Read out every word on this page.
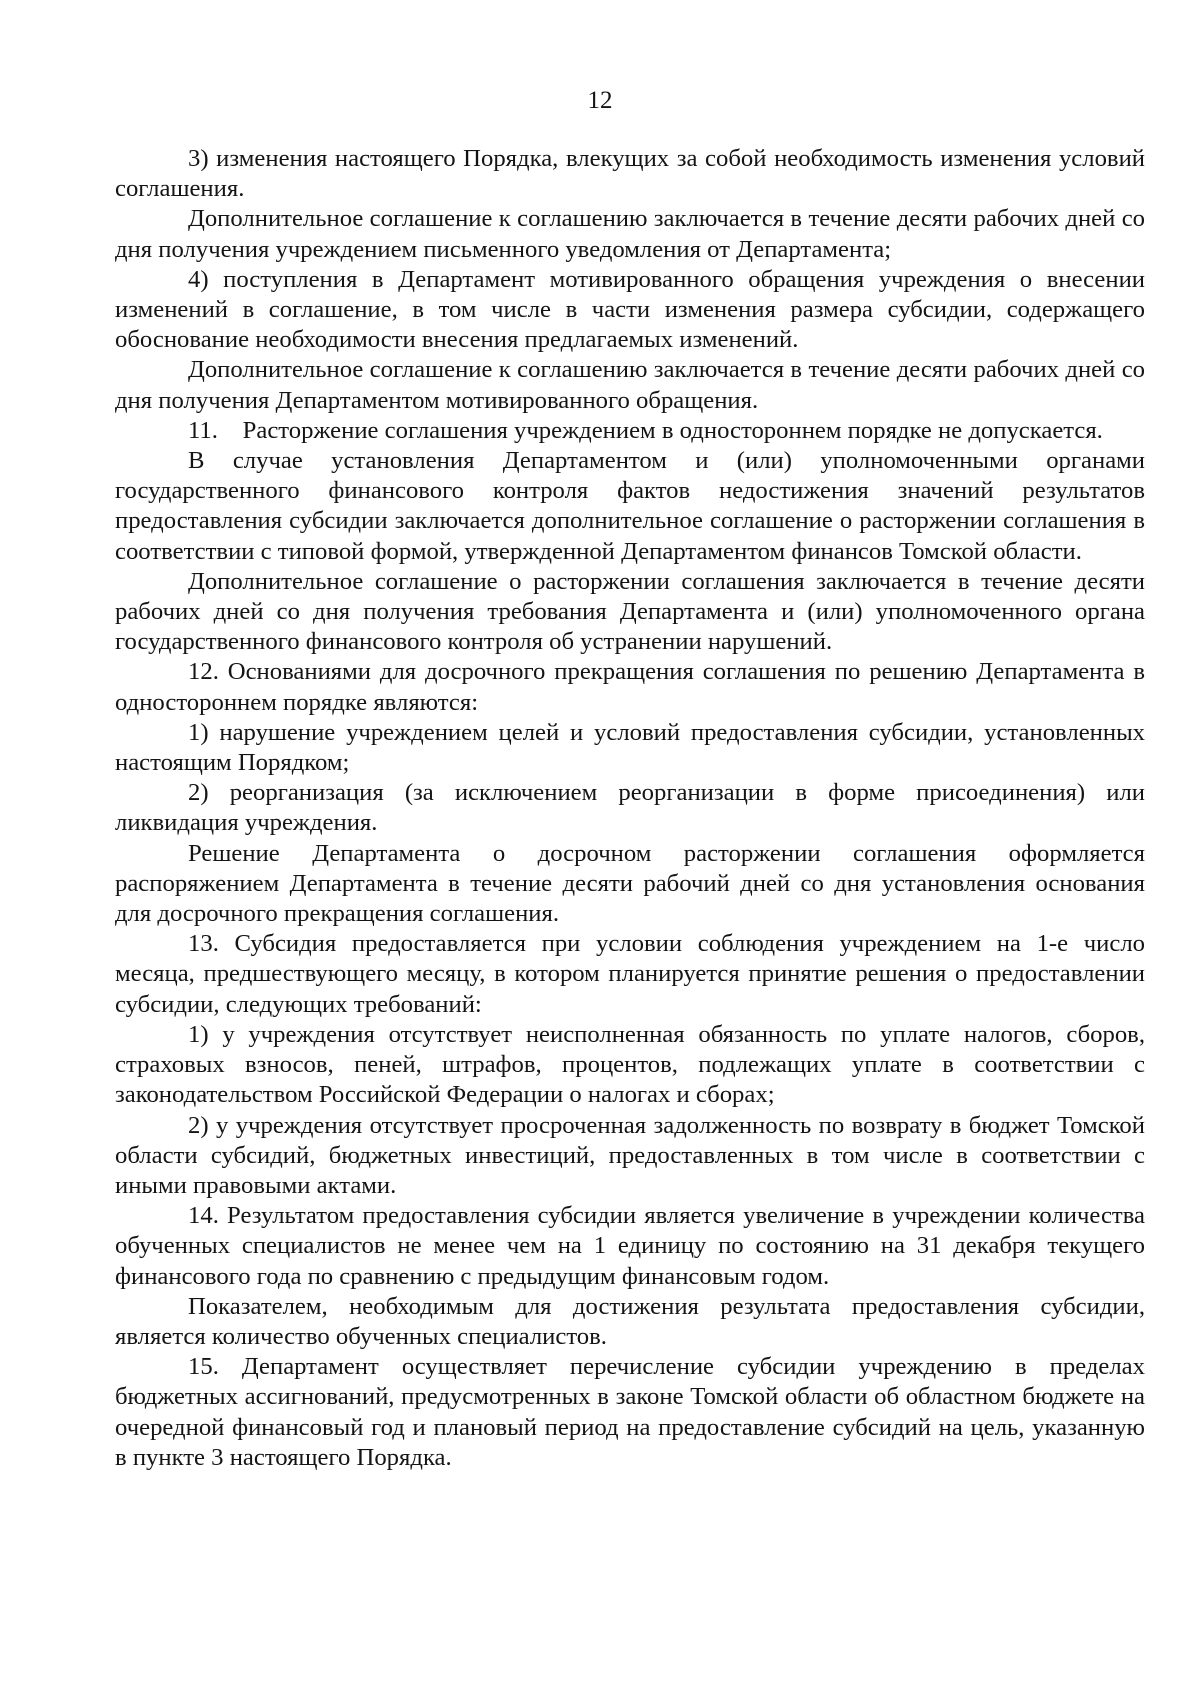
12

3) изменения настоящего Порядка, влекущих за собой необходимость изменения условий соглашения.

Дополнительное соглашение к соглашению заключается в течение десяти рабочих дней со дня получения учреждением письменного уведомления от Департамента;

4) поступления в Департамент мотивированного обращения учреждения о внесении изменений в соглашение, в том числе в части изменения размера субсидии, содержащего обоснование необходимости внесения предлагаемых изменений.

Дополнительное соглашение к соглашению заключается в течение десяти рабочих дней со дня получения Департаментом мотивированного обращения.

11.    Расторжение соглашения учреждением в одностороннем порядке не допускается.

В случае установления Департаментом и (или) уполномоченными органами государственного финансового контроля фактов недостижения значений результатов предоставления субсидии заключается дополнительное соглашение о расторжении соглашения в соответствии с типовой формой, утвержденной Департаментом финансов Томской области.

Дополнительное соглашение о расторжении соглашения заключается в течение десяти рабочих дней со дня получения требования Департамента и (или) уполномоченного органа государственного финансового контроля об устранении нарушений.

12. Основаниями для досрочного прекращения соглашения по решению Департамента в одностороннем порядке являются:

1) нарушение учреждением целей и условий предоставления субсидии, установленных настоящим Порядком;

2) реорганизация (за исключением реорганизации в форме присоединения) или ликвидация учреждения.

Решение Департамента о досрочном расторжении соглашения оформляется распоряжением Департамента в течение десяти рабочий дней со дня установления основания для досрочного прекращения соглашения.

13. Субсидия предоставляется при условии соблюдения учреждением на 1-е число месяца, предшествующего месяцу, в котором планируется принятие решения о предоставлении субсидии, следующих требований:

1) у учреждения отсутствует неисполненная обязанность по уплате налогов, сборов, страховых взносов, пеней, штрафов, процентов, подлежащих уплате в соответствии с законодательством Российской Федерации о налогах и сборах;

2) у учреждения отсутствует просроченная задолженность по возврату в бюджет Томской области субсидий, бюджетных инвестиций, предоставленных в том числе в соответствии с иными правовыми актами.

14. Результатом предоставления субсидии является увеличение в учреждении количества обученных специалистов не менее чем на 1 единицу по состоянию на 31 декабря текущего финансового года по сравнению с предыдущим финансовым годом.

Показателем, необходимым для достижения результата предоставления субсидии, является количество обученных специалистов.

15. Департамент осуществляет перечисление субсидии учреждению в пределах бюджетных ассигнований, предусмотренных в законе Томской области об областном бюджете на очередной финансовый год и плановый период на предоставление субсидий на цель, указанную в пункте 3 настоящего Порядка.
